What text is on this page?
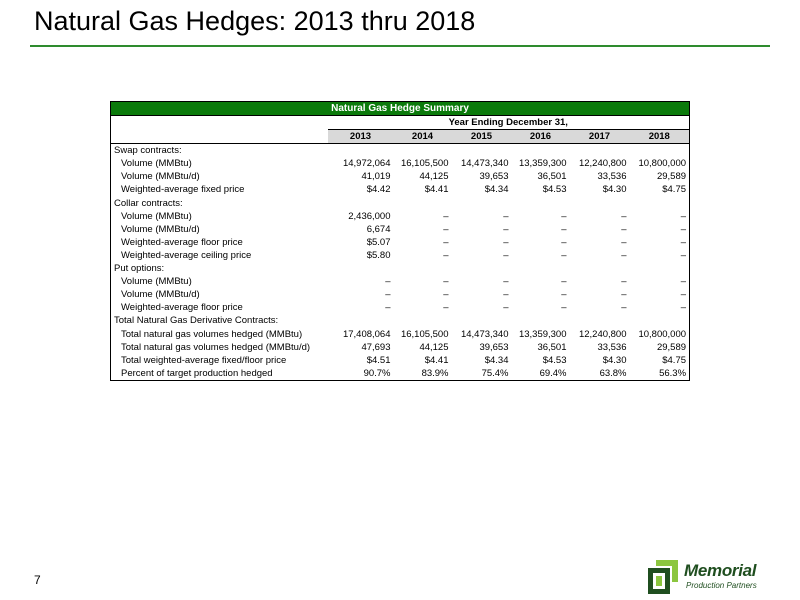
Natural Gas Hedges: 2013 thru 2018
Natural Gas Hedge Summary						
	Year Ending December 31,					
	2013	2014	2015	2016	2017	2018
Swap contracts:						
Volume (MMBtu)	14,972,064	16,105,500	14,473,340	13,359,300	12,240,800	10,800,000
Volume (MMBtu/d)	41,019	44,125	39,653	36,501	33,536	29,589
Weighted-average fixed price	$4.42	$4.41	$4.34	$4.53	$4.30	$4.75
Collar contracts:						
Volume (MMBtu)	2,436,000	–	–	–	–	–
Volume (MMBtu/d)	6,674	–	–	–	–	–
Weighted-average floor price	$5.07	–	–	–	–	–
Weighted-average ceiling price	$5.80	–	–	–	–	–
Put options:						
Volume (MMBtu)	–	–	–	–	–	–
Volume (MMBtu/d)	–	–	–	–	–	–
Weighted-average floor price	–	–	–	–	–	–
Total Natural Gas Derivative Contracts:						
Total natural gas volumes hedged (MMBtu)	17,408,064	16,105,500	14,473,340	13,359,300	12,240,800	10,800,000
Total natural gas volumes hedged (MMBtu/d)	47,693	44,125	39,653	36,501	33,536	29,589
Total weighted-average fixed/floor price	$4.51	$4.41	$4.34	$4.53	$4.30	$4.75
Percent of target production hedged	90.7%	83.9%	75.4%	69.4%	63.8%	56.3%
7	Memorial
Production Partners
